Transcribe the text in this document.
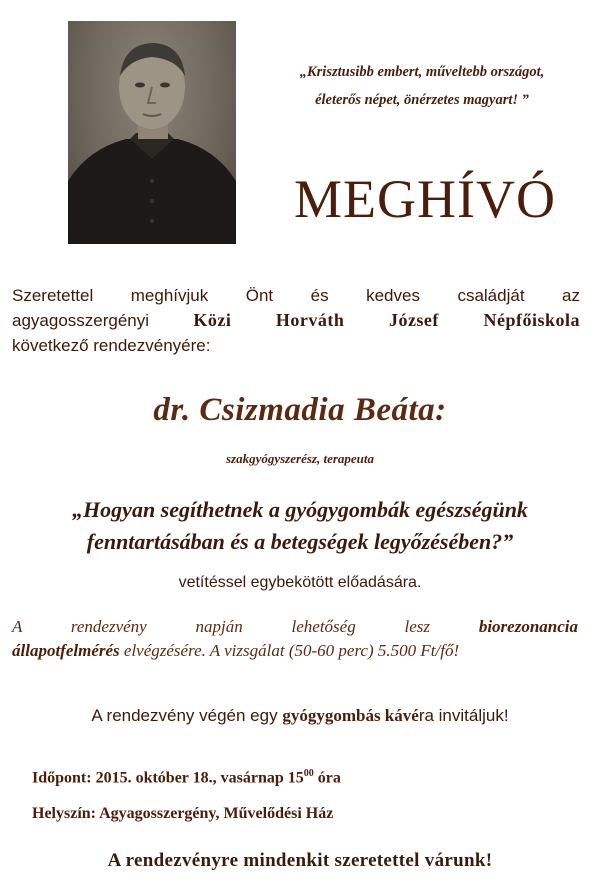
„Krisztusibb embert, műveltebb országot,
életerős népet, önérzetes magyart! ”
MEGHÍVÓ
Szeretettel meghívjuk Önt és kedves családját az
agyagosszergényi Közi Horváth József Népfőiskola
következő rendezvényére:
dr. Csizmadia Beáta:
szakgyógyszerész, terapeuta
„Hogyan segíthetnek a gyógygombák egészségünk
fenntartásában és a betegségek legyőzésében?”
vetítéssel egybekötött előadására.
A rendezvény napján lehetőség lesz biorezonancia
állapotfelmérés elvégzésére. A vizsgálat (50-60 perc) 5.500 Ft/fő!
A rendezvény végén egy gyógygombás kávéra invitáljuk!
Időpont: 2015. október 18., vasárnap $15^{00}$ óra
Helyszín: Agyagosszergény, Művelődési Ház
A rendezvényre mindenkit szeretettel várunk!
